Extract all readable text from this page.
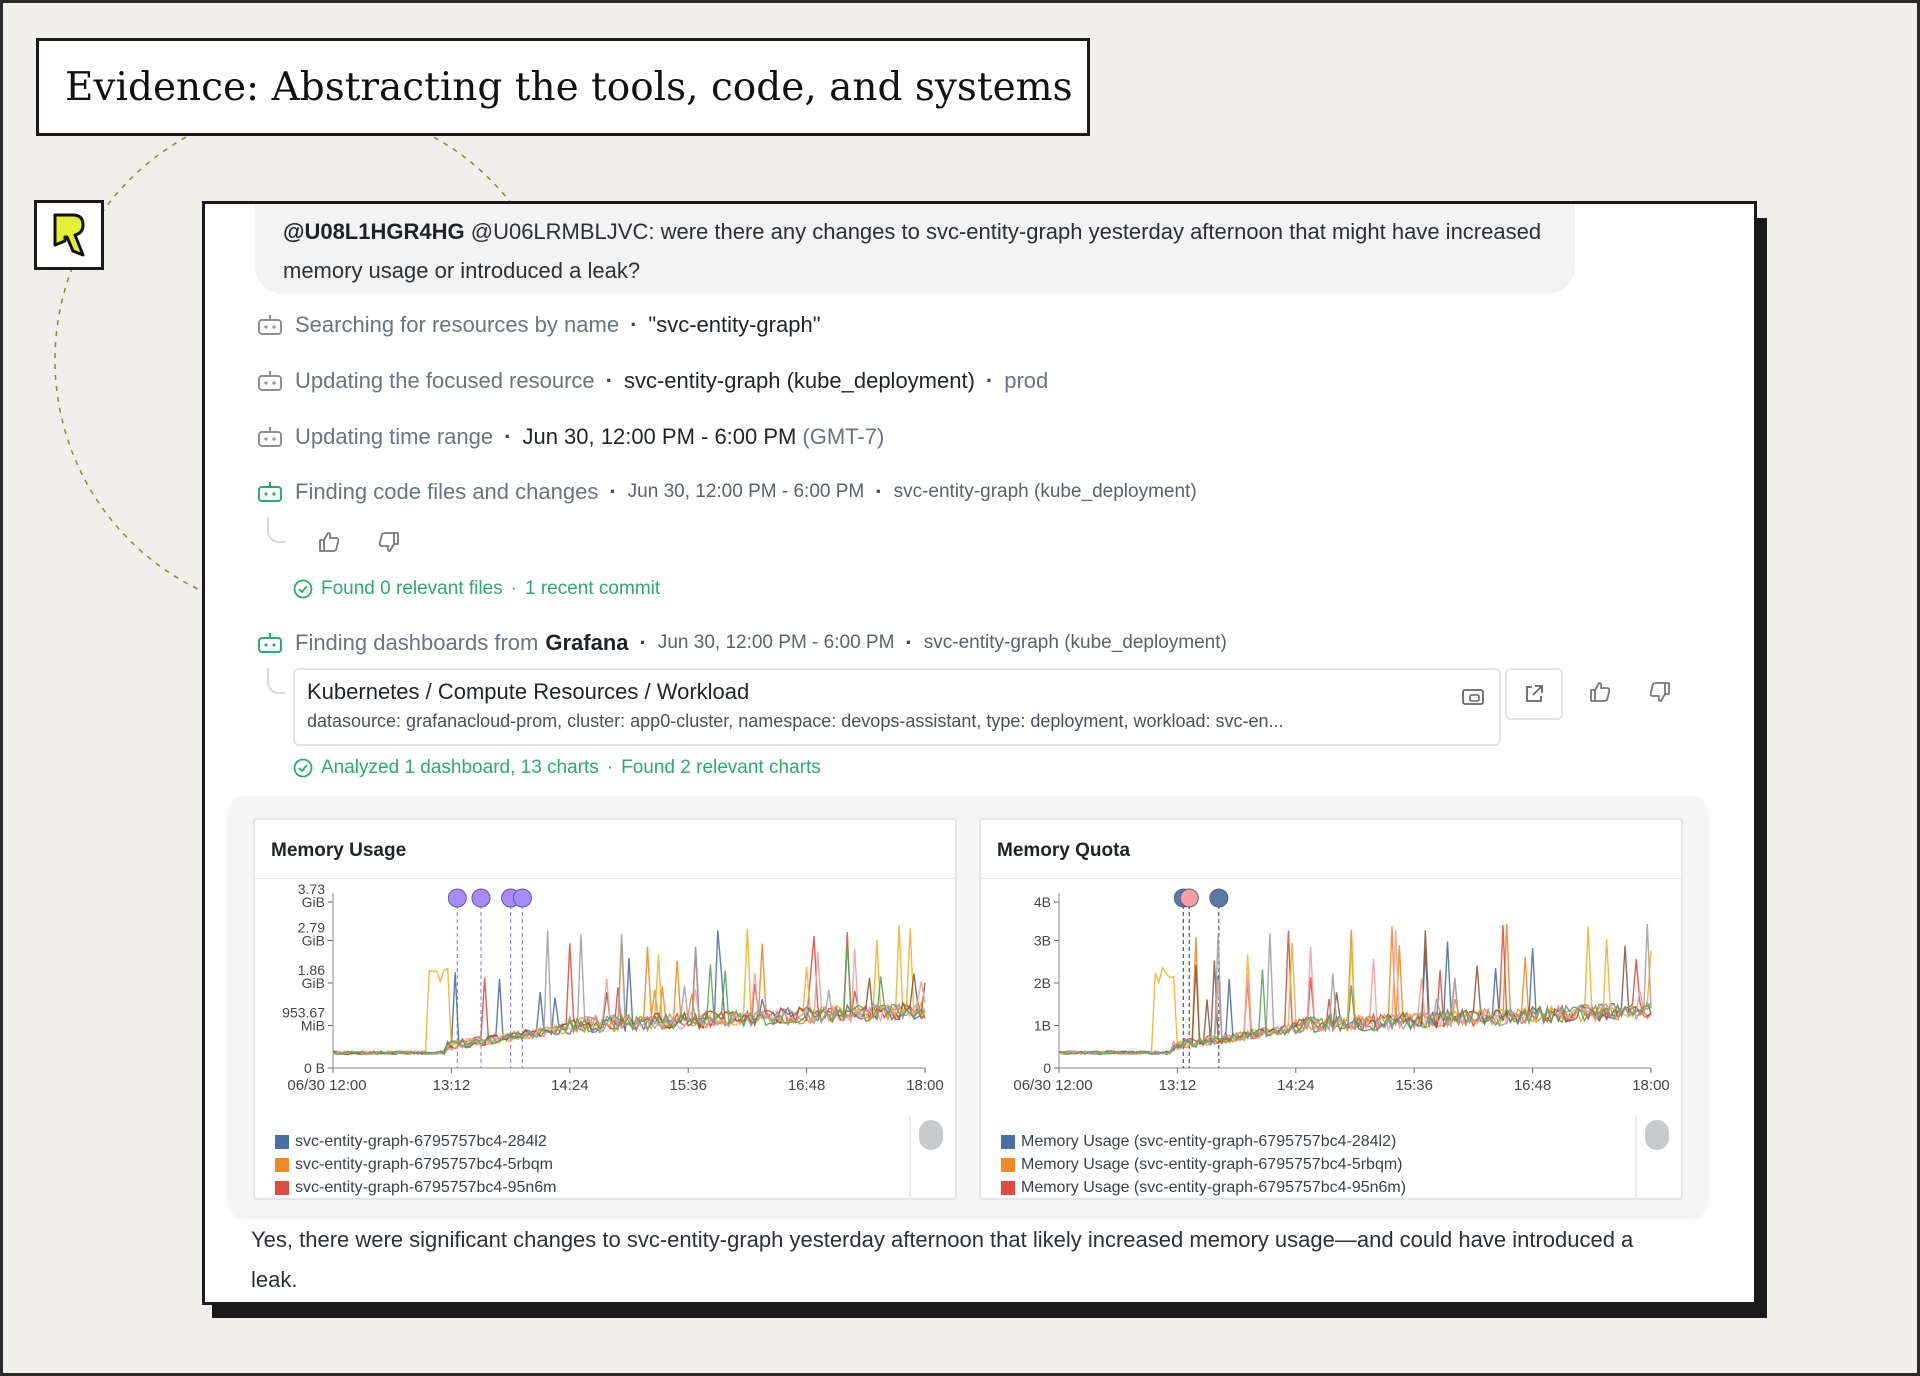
Evidence: Abstracting the tools, code, and systems
@U08L1HGR4HG @U06LRMBLJVC: were there any changes to svc-entity-graph yesterday afternoon that might have increased memory usage or introduced a leak?
Searching for resources by name · "svc-entity-graph"
Updating the focused resource · svc-entity-graph (kube_deployment) · prod
Updating time range · Jun 30, 12:00 PM - 6:00 PM (GMT-7)
Finding code files and changes · Jun 30, 12:00 PM - 6:00 PM · svc-entity-graph (kube_deployment)
Found 0 relevant files · 1 recent commit
Finding dashboards from Grafana · Jun 30, 12:00 PM - 6:00 PM · svc-entity-graph (kube_deployment)
Kubernetes / Compute Resources / Workload
datasource: grafanacloud-prom, cluster: app0-cluster, namespace: devops-assistant, type: deployment, workload: svc-en...
Analyzed 1 dashboard, 13 charts · Found 2 relevant charts
Memory Usage
3.73
GiB
2.79
GiB
1.86
GiB
953.67
MiB
0 B
06/30 12:00	13:12	14:24	15:36	16:48	18:00
svc-entity-graph-6795757bc4-284l2
svc-entity-graph-6795757bc4-5rbqm
svc-entity-graph-6795757bc4-95n6m
Memory Quota
4B
3B
2B
1B
0
06/30 12:00	13:12	14:24	15:36	16:48	18:00
Memory Usage (svc-entity-graph-6795757bc4-284l2)
Memory Usage (svc-entity-graph-6795757bc4-5rbqm)
Memory Usage (svc-entity-graph-6795757bc4-95n6m)
Yes, there were significant changes to svc-entity-graph yesterday afternoon that likely increased memory usage—and could have introduced a leak.
